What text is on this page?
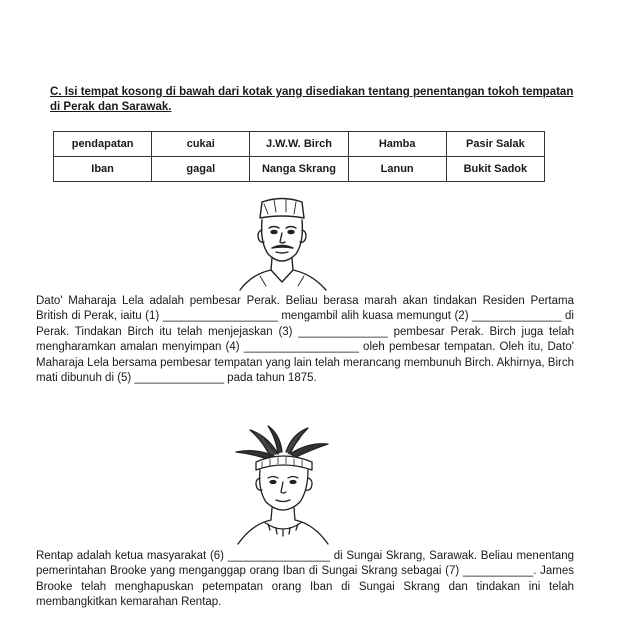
C. Isi tempat kosong di bawah dari kotak yang disediakan tentang penentangan tokoh tempatan di Perak dan Sarawak.
pendapatan	cukai	J.W.W. Birch	Hamba	Pasir Salak
Iban	gagal	Nanga Skrang	Lanun	Bukit Sadok

Dato' Maharaja Lela adalah pembesar Perak. Beliau berasa marah akan tindakan Residen Pertama British di Perak, iaitu (1) __________________ mengambil alih kuasa memungut (2) ______________ di Perak. Tindakan Birch itu telah menjejaskan (3) ______________ pembesar Perak. Birch juga telah mengharamkan amalan menyimpan (4) __________________ oleh pembesar tempatan. Oleh itu, Dato' Maharaja Lela bersama pembesar tempatan yang lain telah merancang membunuh Birch. Akhirnya, Birch mati dibunuh di (5) ______________ pada tahun 1875.

Rentap adalah ketua masyarakat (6) ________________ di Sungai Skrang, Sarawak. Beliau menentang pemerintahan Brooke yang menganggap orang Iban di Sungai Skrang sebagai (7) ___________. James Brooke telah menghapuskan petempatan orang Iban di Sungai Skrang dan tindakan ini telah membangkitkan kemarahan Rentap.
